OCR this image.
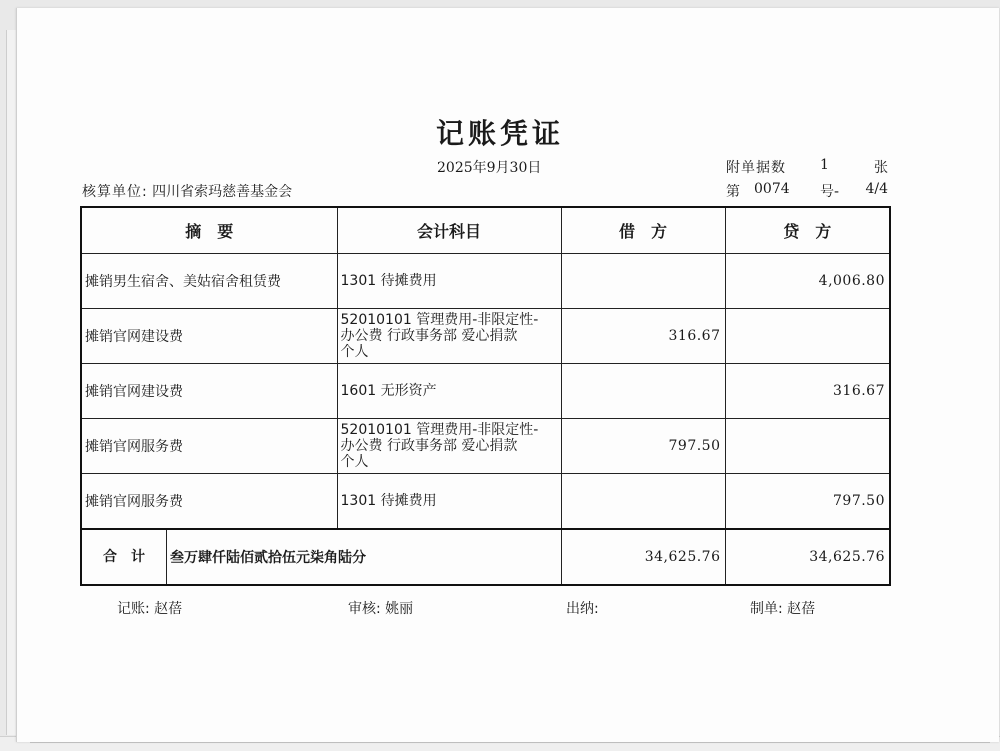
记账凭证
2025年9月30日	附单据数 1	张
核算单位: 四川省索玛慈善基金会	第 0074 号- 4/4
摘　要	会计科目	借　方	贷　方
摊销男生宿舍、美姑宿舍租赁费	1301 待摊费用		4,006.80
摊销官网建设费	52010101 管理费用-非限定性-
办公费 行政事务部 爱心捐款
个人	316.67	
摊销官网建设费	1601 无形资产		316.67
摊销官网服务费	52010101 管理费用-非限定性-
办公费 行政事务部 爱心捐款
个人	797.50	
摊销官网服务费	1301 待摊费用		797.50

合　计 叁万肆仟陆佰贰拾伍元柒角陆分		34,625.76	34,625.76
记账: 赵蓓	审核: 姚丽	出纳:	制单: 赵蓓
